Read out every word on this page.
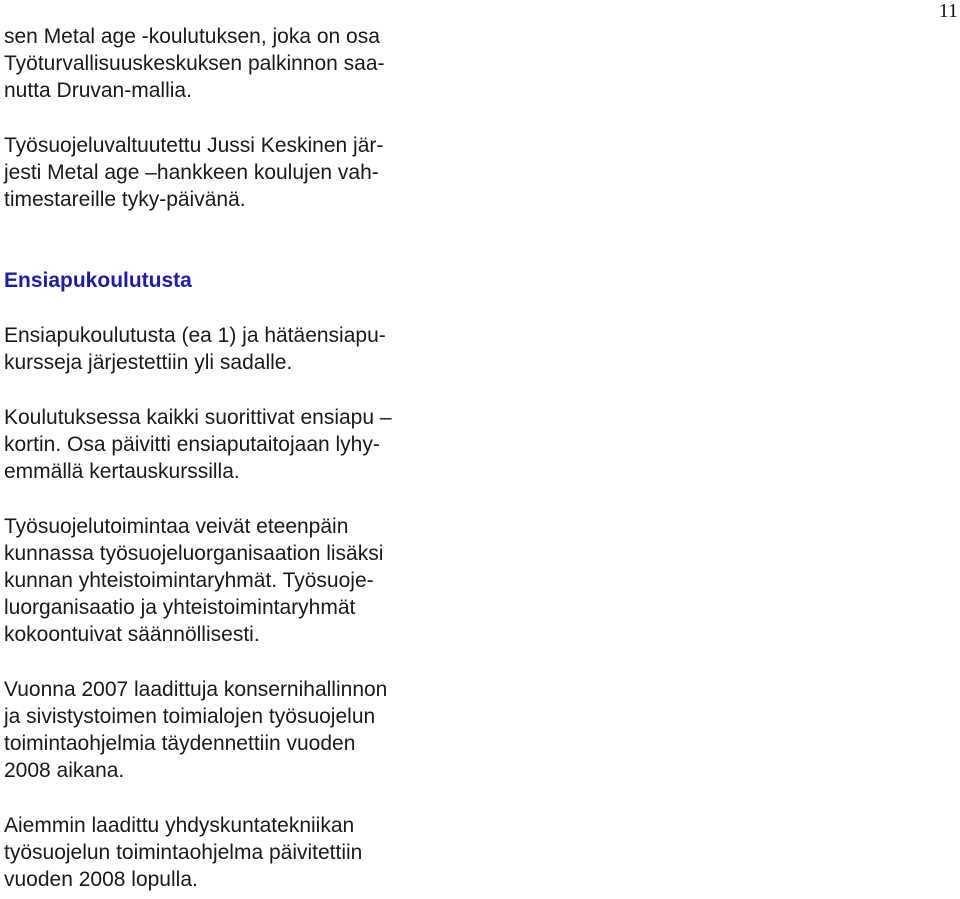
11

sen Metal age -koulutuksen, joka on osa
Työturvallisuuskeskuksen palkinnon saa-
nutta Druvan-mallia.

Työsuojeluvaltuutettu Jussi Keskinen jär-
jesti Metal age –hankkeen koulujen vah-
timestareille tyky-päivänä.

Ensiapukoulutusta

Ensiapukoulutusta (ea 1) ja hätäensiapu-
kursseja järjestettiin yli sadalle.

Koulutuksessa kaikki suorittivat ensiapu –
kortin. Osa päivitti ensiaputaitojaan lyhy-
emmällä kertauskurssilla.

Työsuojelutoimintaa veivät eteenpäin
kunnassa työsuojeluorganisaation lisäksi
kunnan yhteistoimintaryhmät. Työsuoje-
luorganisaatio ja yhteistoimintaryhmät
kokoontuivat säännöllisesti.

Vuonna 2007 laadittuja konsernihallinnon
ja sivistystoimen toimialojen työsuojelun
toimintaohjelmia täydennettiin vuoden
2008 aikana.

Aiemmin laadittu yhdyskuntatekniikan
työsuojelun toimintaohjelma päivitettiin
vuoden 2008 lopulla.
